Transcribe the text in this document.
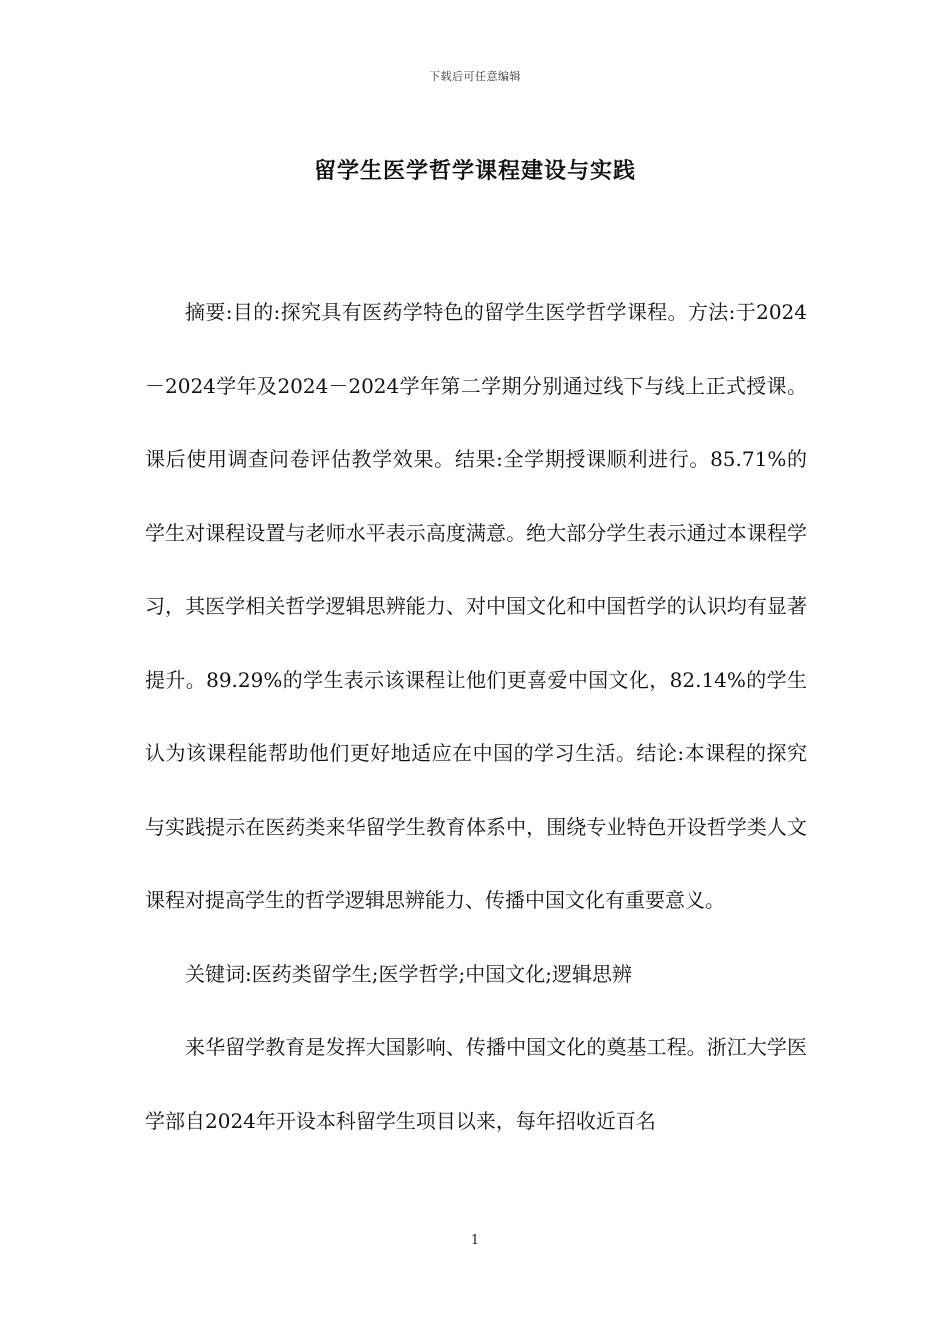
下载后可任意编辑
留学生医学哲学课程建设与实践

摘要:目的:探究具有医药学特色的留学生医学哲学课程。方法:于2024－2024学年及2024－2024学年第二学期分别通过线下与线上正式授课。课后使用调查问卷评估教学效果。结果:全学期授课顺利进行。85.71%的学生对课程设置与老师水平表示高度满意。绝大部分学生表示通过本课程学习，其医学相关哲学逻辑思辨能力、对中国文化和中国哲学的认识均有显著提升。89.29%的学生表示该课程让他们更喜爱中国文化，82.14%的学生认为该课程能帮助他们更好地适应在中国的学习生活。结论:本课程的探究与实践提示在医药类来华留学生教育体系中，围绕专业特色开设哲学类人文课程对提高学生的哲学逻辑思辨能力、传播中国文化有重要意义。

关键词:医药类留学生;医学哲学;中国文化;逻辑思辨

来华留学教育是发挥大国影响、传播中国文化的奠基工程。浙江大学医学部自2024年开设本科留学生项目以来，每年招收近百名

1
